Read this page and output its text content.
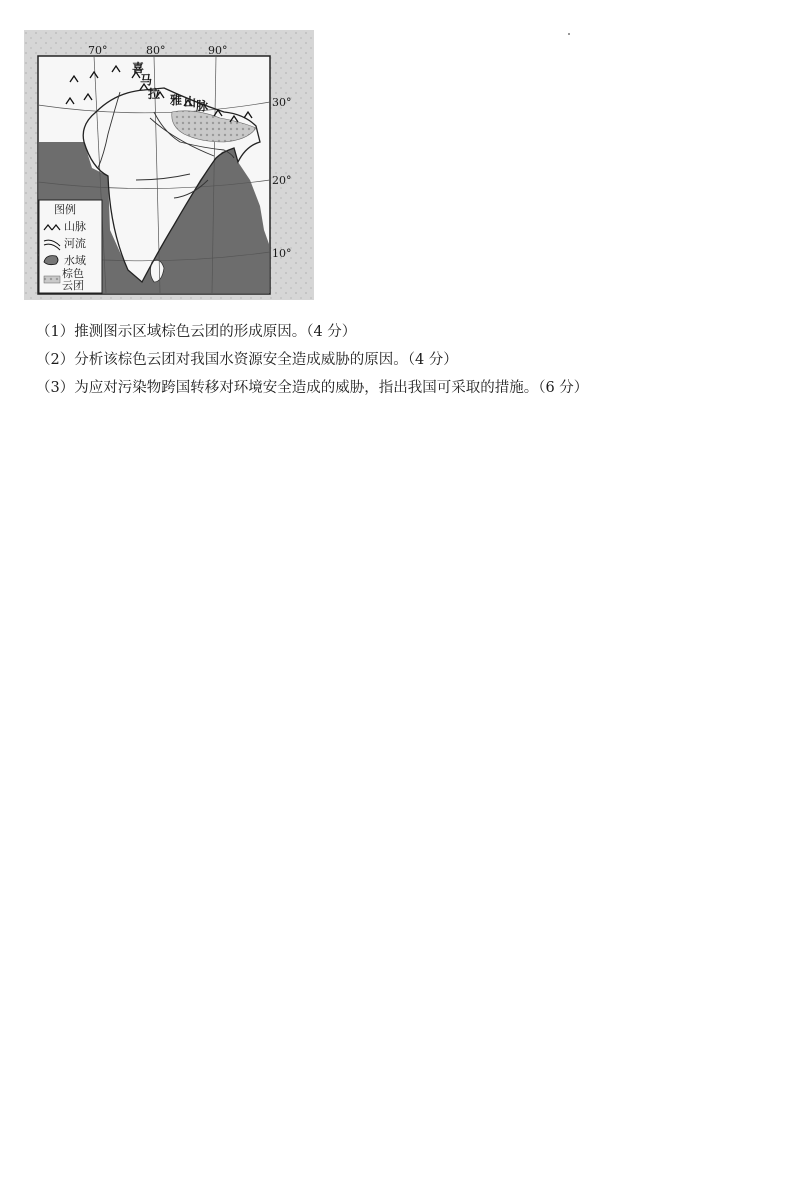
70°	80°	90°
30°
20°
10°
喜
马
拉 雅 山 脉
图例
山脉
河流
水域
棕色云团
（1）推测图示区域棕色云团的形成原因。（4 分）
（2）分析该棕色云团对我国水资源安全造成威胁的原因。（4 分）
（3）为应对污染物跨国转移对环境安全造成的威胁，指出我国可采取的措施。（6 分）
